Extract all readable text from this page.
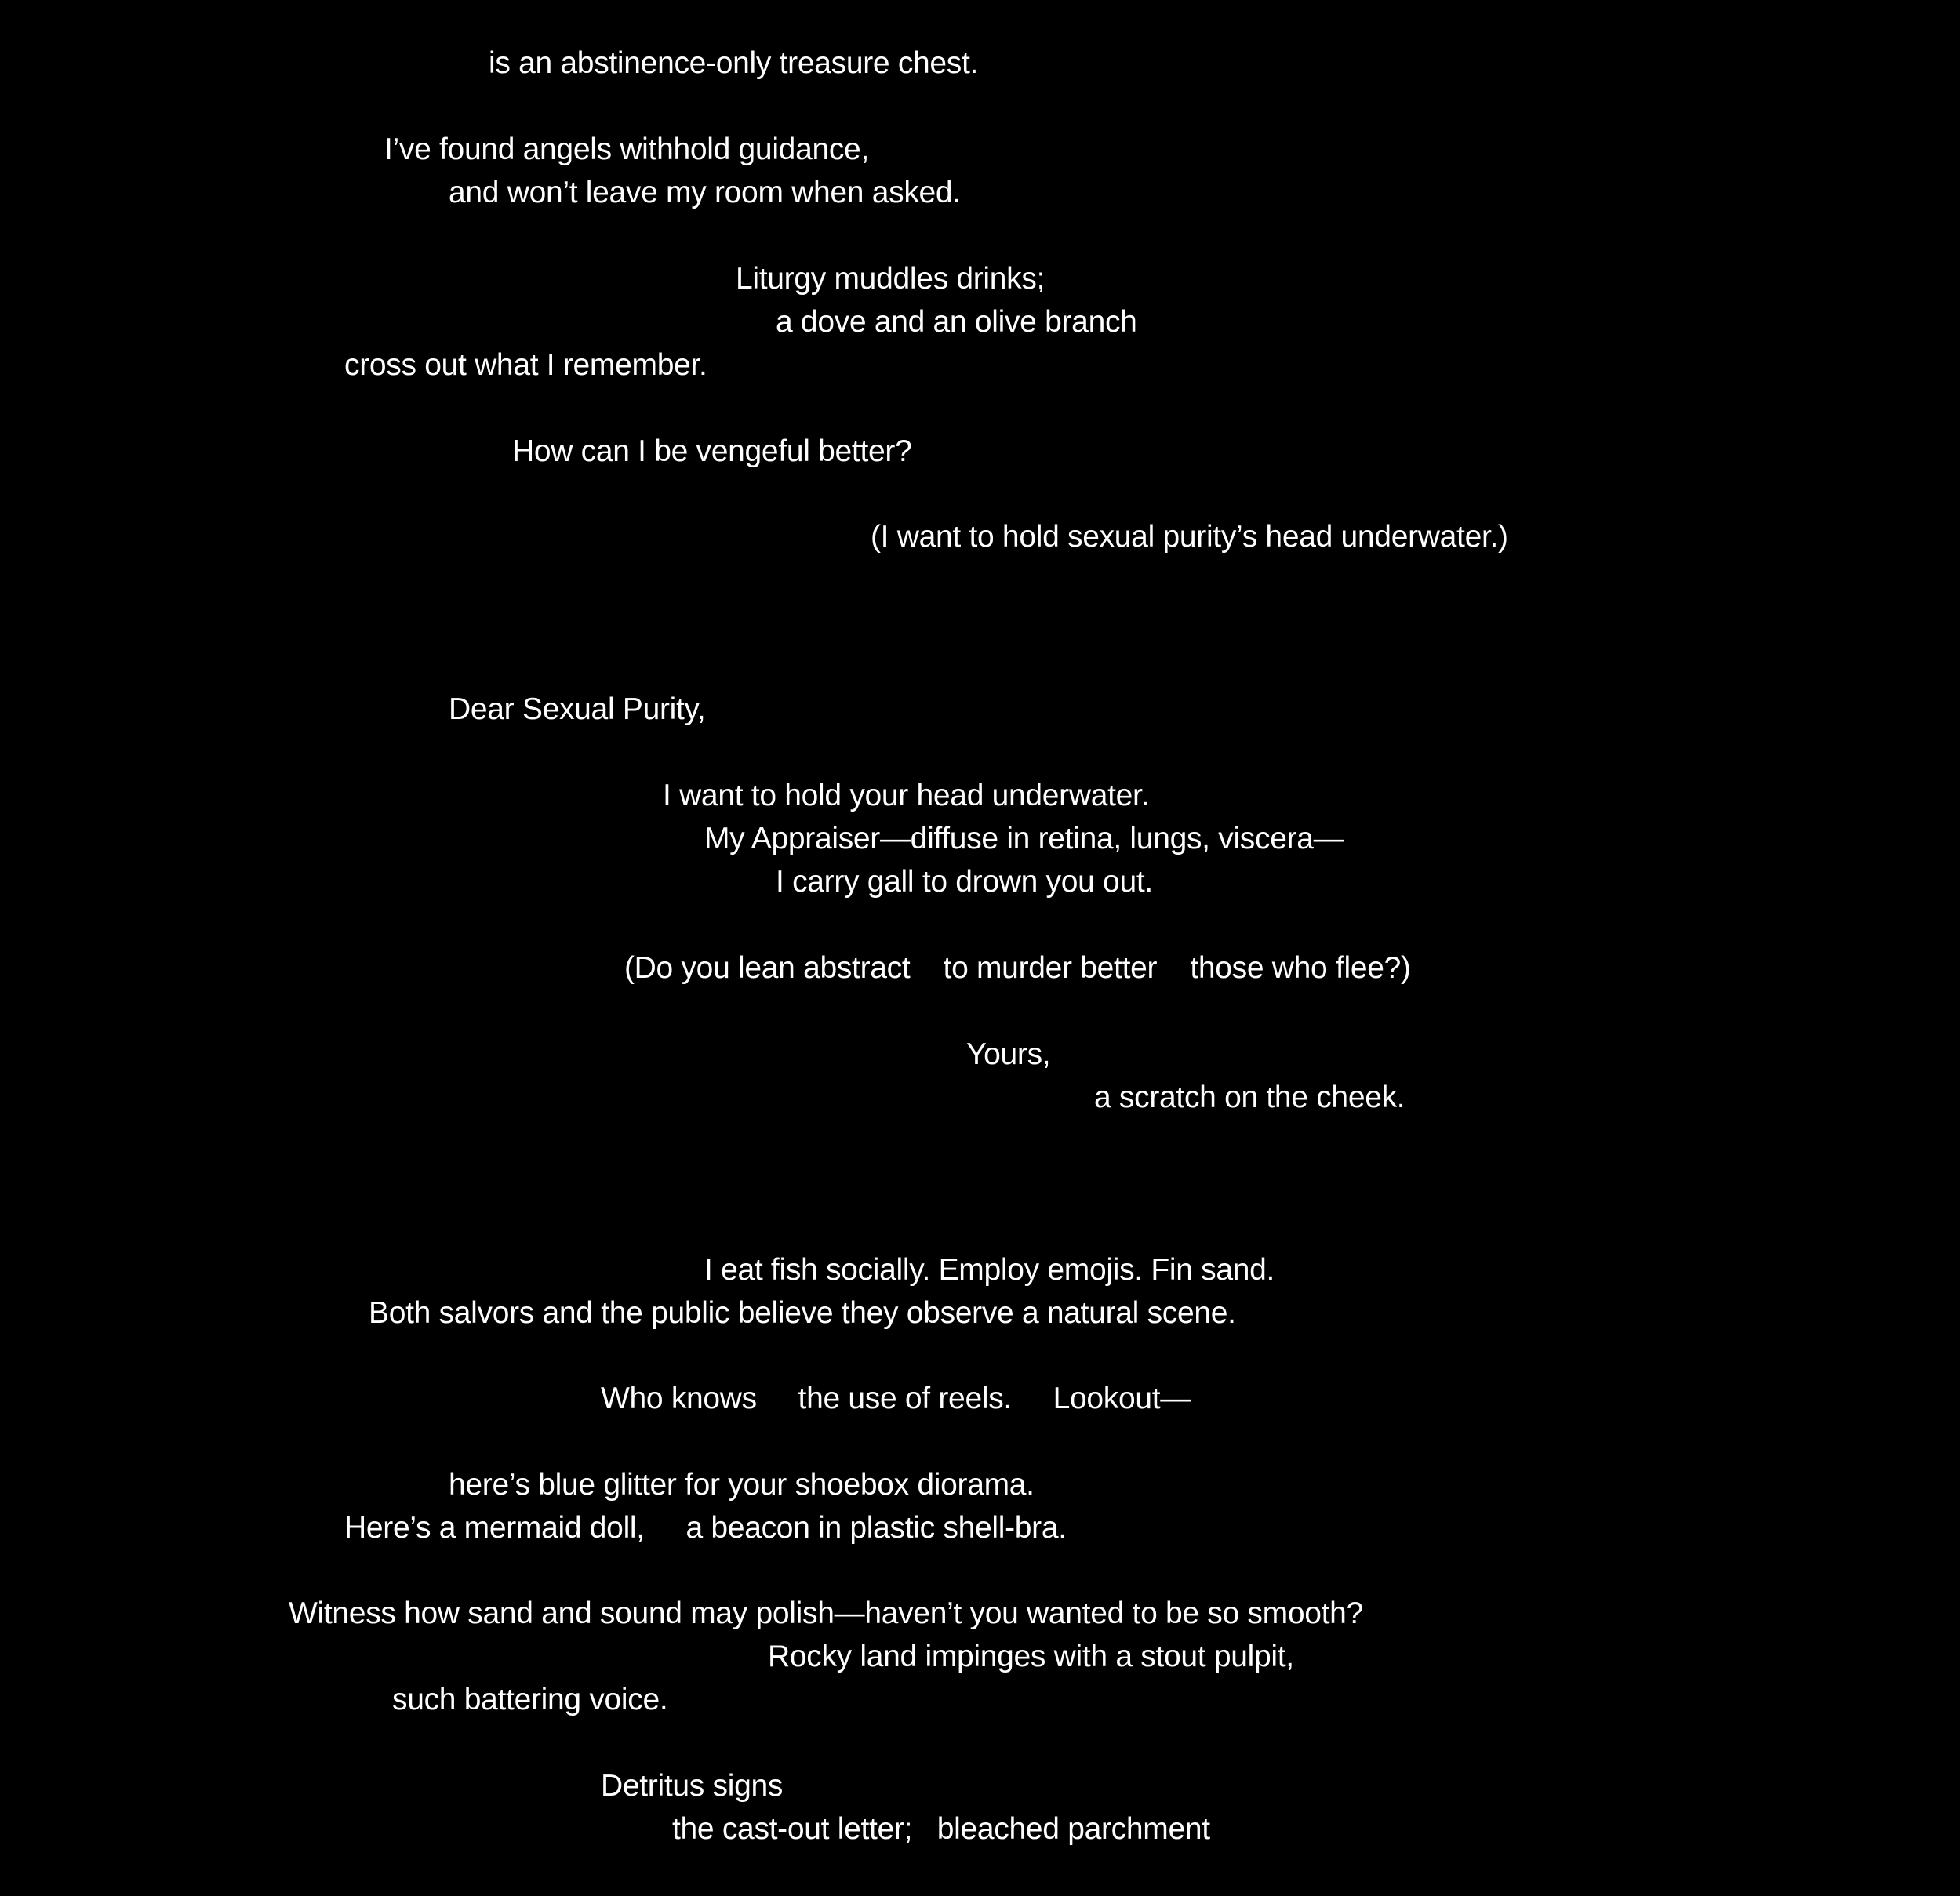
is an abstinence-only treasure chest.

I’ve found angels withhold guidance,

and won’t leave my room when asked.

Liturgy muddles drinks;

a dove and an olive branch

cross out what I remember.

How can I be vengeful better?

(I want to hold sexual purity’s head underwater.)

Dear Sexual Purity,

I want to hold your head underwater.

My Appraiser—diffuse in retina, lungs, viscera—

I carry gall to drown you out.

(Do you lean abstract    to murder better    those who flee?)

Yours,

a scratch on the cheek.

I eat fish socially. Employ emojis. Fin sand.

Both salvors and the public believe they observe a natural scene.

Who knows     the use of reels.     Lookout—

here’s blue glitter for your shoebox diorama.

Here’s a mermaid doll,     a beacon in plastic shell-bra.

Witness how sand and sound may polish—haven’t you wanted to be so smooth?

Rocky land impinges with a stout pulpit,

such battering voice.

Detritus signs

the cast-out letter;   bleached parchment
